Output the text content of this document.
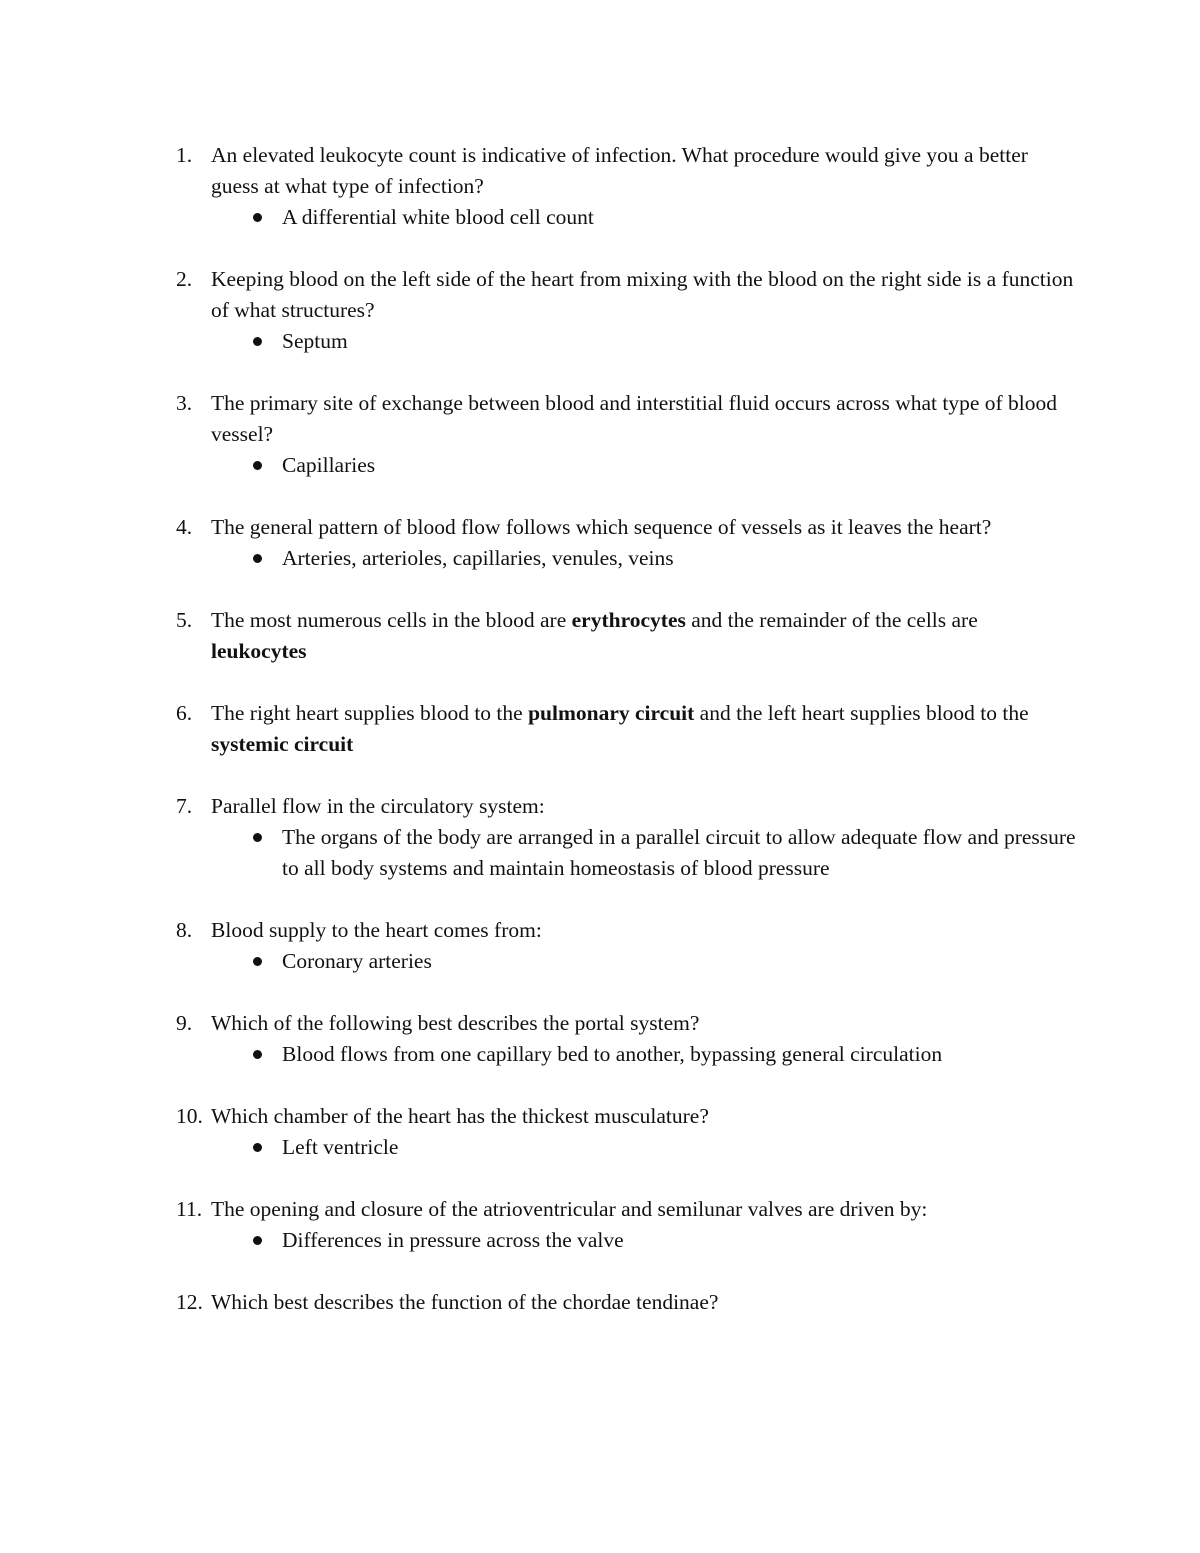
1. An elevated leukocyte count is indicative of infection. What procedure would give you a better guess at what type of infection?
A differential white blood cell count
2. Keeping blood on the left side of the heart from mixing with the blood on the right side is a function of what structures?
Septum
3. The primary site of exchange between blood and interstitial fluid occurs across what type of blood vessel?
Capillaries
4. The general pattern of blood flow follows which sequence of vessels as it leaves the heart?
Arteries, arterioles, capillaries, venules, veins
5. The most numerous cells in the blood are erythrocytes and the remainder of the cells are leukocytes
6. The right heart supplies blood to the pulmonary circuit and the left heart supplies blood to the systemic circuit
7. Parallel flow in the circulatory system:
The organs of the body are arranged in a parallel circuit to allow adequate flow and pressure to all body systems and maintain homeostasis of blood pressure
8. Blood supply to the heart comes from:
Coronary arteries
9. Which of the following best describes the portal system?
Blood flows from one capillary bed to another, bypassing general circulation
10. Which chamber of the heart has the thickest musculature?
Left ventricle
11. The opening and closure of the atrioventricular and semilunar valves are driven by:
Differences in pressure across the valve
12. Which best describes the function of the chordae tendinae?
